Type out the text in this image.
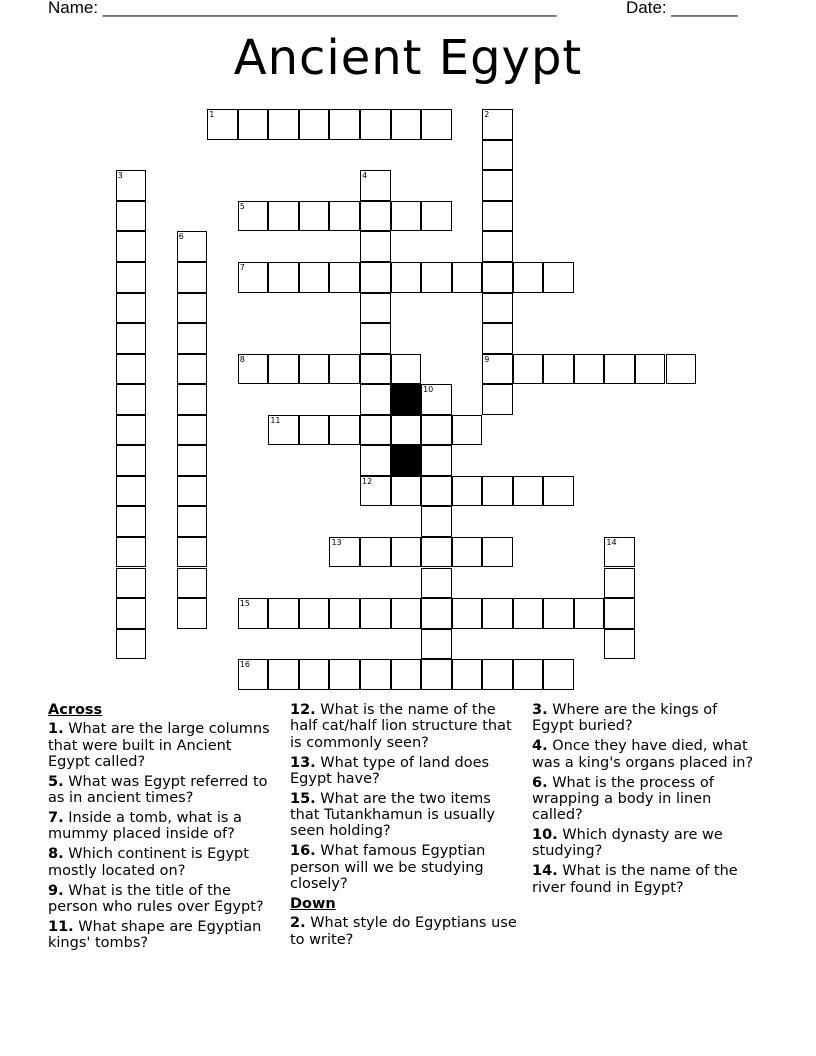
Name: ________________________________________________	Date: _______
Ancient Egypt
1	2
3	4
5
6
7
8	9
10
11
12
13	14
15
16
Across
1. What are the large columns that were built in Ancient Egypt called?
5. What was Egypt referred to as in ancient times?
7. Inside a tomb, what is a mummy placed inside of?
8. Which continent is Egypt mostly located on?
9. What is the title of the person who rules over Egypt?
11. What shape are Egyptian kings' tombs?
12. What is the name of the half cat/half lion structure that is commonly seen?
13. What type of land does Egypt have?
15. What are the two items that Tutankhamun is usually seen holding?
16. What famous Egyptian person will we be studying closely?
Down
2. What style do Egyptians use to write?
3. Where are the kings of Egypt buried?
4. Once they have died, what was a king's organs placed in?
6. What is the process of wrapping a body in linen called?
10. Which dynasty are we studying?
14. What is the name of the river found in Egypt?
